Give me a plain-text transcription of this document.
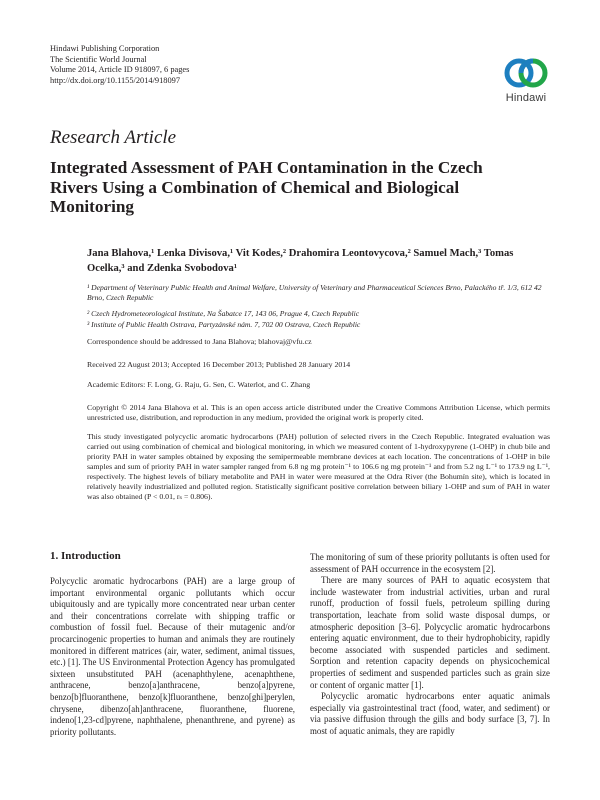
Hindawi Publishing Corporation
The Scientific World Journal
Volume 2014, Article ID 918097, 6 pages
http://dx.doi.org/10.1155/2014/918097
Hindawi
Research Article
Integrated Assessment of PAH Contamination in the Czech Rivers Using a Combination of Chemical and Biological Monitoring
Jana Blahova,¹ Lenka Divisova,¹ Vit Kodes,² Drahomira Leontovycova,² Samuel Mach,³ Tomas Ocelka,³ and Zdenka Svobodova¹
¹ Department of Veterinary Public Health and Animal Welfare, University of Veterinary and Pharmaceutical Sciences Brno, Palackého tř. 1/3, 612 42 Brno, Czech Republic
² Czech Hydrometeorological Institute, Na Šabatce 17, 143 06, Prague 4, Czech Republic
³ Institute of Public Health Ostrava, Partyzánské nám. 7, 702 00 Ostrava, Czech Republic
Correspondence should be addressed to Jana Blahova; blahovaj@vfu.cz
Received 22 August 2013; Accepted 16 December 2013; Published 28 January 2014
Academic Editors: F. Long, G. Raju, G. Sen, C. Waterlot, and C. Zhang
Copyright © 2014 Jana Blahova et al. This is an open access article distributed under the Creative Commons Attribution License, which permits unrestricted use, distribution, and reproduction in any medium, provided the original work is properly cited.
This study investigated polycyclic aromatic hydrocarbons (PAH) pollution of selected rivers in the Czech Republic. Integrated evaluation was carried out using combination of chemical and biological monitoring, in which we measured content of 1-hydroxypyrene (1-OHP) in chub bile and priority PAH in water samples obtained by exposing the semipermeable membrane devices at each location. The concentrations of 1-OHP in bile samples and sum of priority PAH in water sampler ranged from 6.8 ng mg protein⁻¹ to 106.6 ng mg protein⁻¹ and from 5.2 ng L⁻¹ to 173.9 ng L⁻¹, respectively. The highest levels of biliary metabolite and PAH in water were measured at the Odra River (the Bohumín site), which is located in relatively heavily industrialized and polluted region. Statistically significant positive correlation between biliary 1-OHP and sum of PAH in water was also obtained (P < 0.01, rₛ = 0.806).
1. Introduction

Polycyclic aromatic hydrocarbons (PAH) are a large group of important environmental organic pollutants which occur ubiquitously and are typically more concentrated near urban center and their concentrations correlate with shipping traffic or combustion of fossil fuel. Because of their mutagenic and/or procarcinogenic properties to human and animals they are routinely monitored in different matrices (air, water, sediment, animal tissues, etc.) [1]. The US Environmental Protection Agency has promulgated sixteen unsubstituted PAH (acenaphthylene, acenaphthene, anthracene, benzo[a]anthracene, benzo[a]pyrene, benzo[b]fluoranthene, benzo[k]fluoranthene, benzo[ghi]perylen, chrysene, dibenzo[ah]anthracene, fluoranthene, fluorene, indeno[1,23-cd]pyrene, naphthalene, phenanthrene, and pyrene) as priority pollutants.

The monitoring of sum of these priority pollutants is often used for assessment of PAH occurrence in the ecosystem [2].

There are many sources of PAH to aquatic ecosystem that include wastewater from industrial activities, urban and rural runoff, production of fossil fuels, petroleum spilling during transportation, leachate from solid waste disposal dumps, or atmospheric deposition [3–6]. Polycyclic aromatic hydrocarbons entering aquatic environment, due to their hydrophobicity, rapidly become associated with suspended particles and sediment. Sorption and retention capacity depends on physicochemical properties of sediment and suspended particles such as grain size or content of organic matter [1].

Polycyclic aromatic hydrocarbons enter aquatic animals especially via gastrointestinal tract (food, water, and sediment) or via passive diffusion through the gills and body surface [3, 7]. In most of aquatic animals, they are rapidly
